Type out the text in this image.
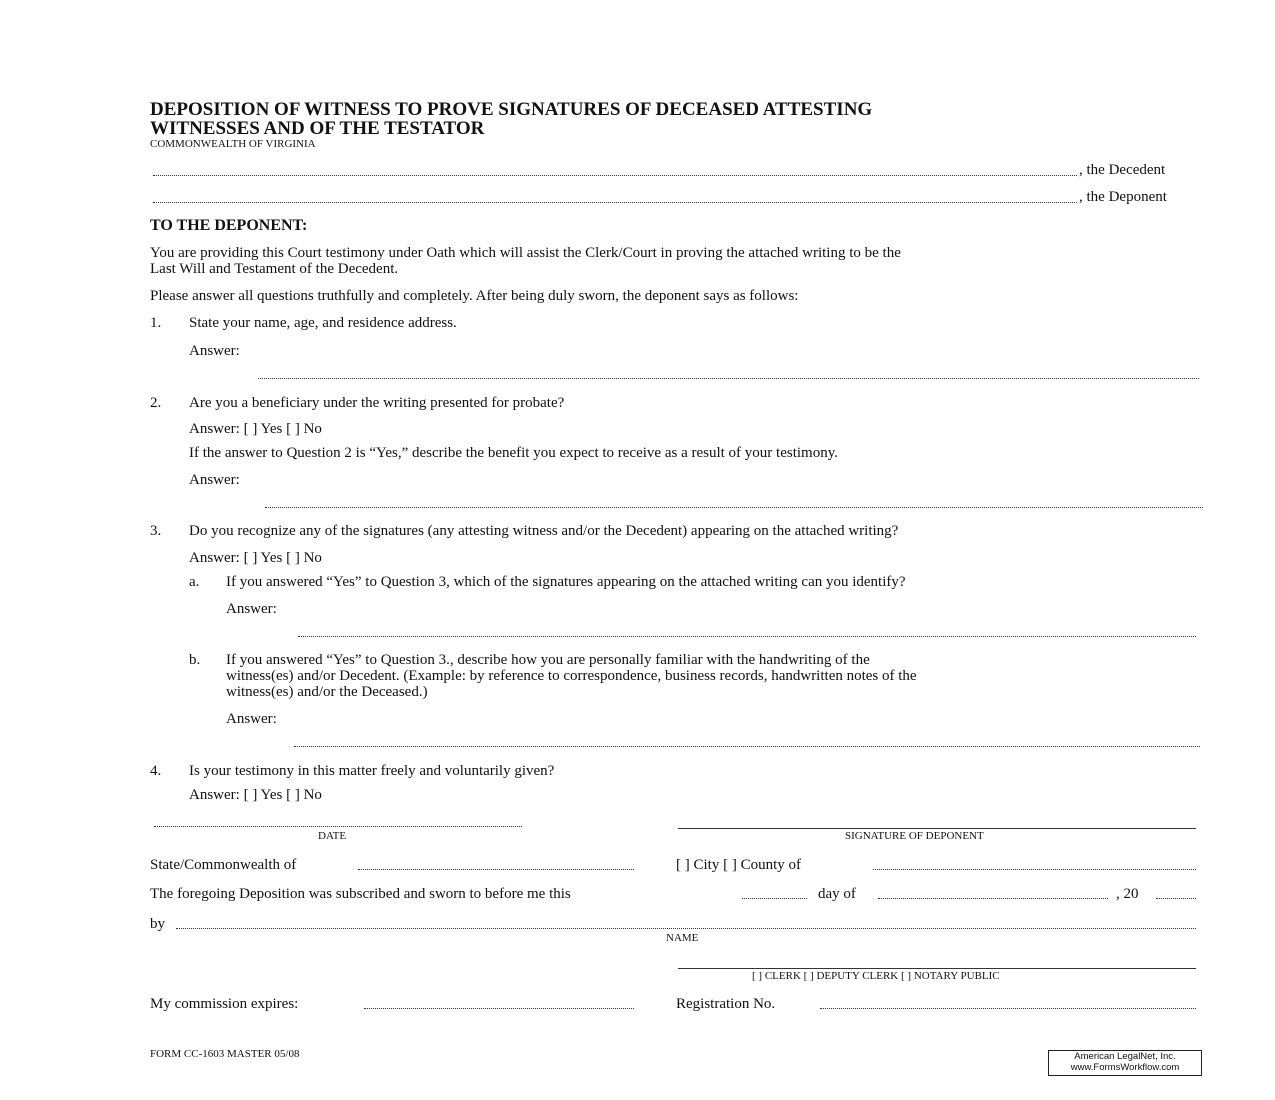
DEPOSITION OF WITNESS TO PROVE SIGNATURES OF DECEASED ATTESTING
WITNESSES AND OF THE TESTATOR
COMMONWEALTH OF VIRGINIA
, the Decedent
, the Deponent
TO THE DEPONENT:
You are providing this Court testimony under Oath which will assist the Clerk/Court in proving the attached writing to be the
Last Will and Testament of the Decedent.
Please answer all questions truthfully and completely. After being duly sworn, the deponent says as follows:
1. State your name, age, and residence address.
Answer:
2. Are you a beneficiary under the writing presented for probate?
Answer: [ ] Yes [ ] No
If the answer to Question 2 is “Yes,” describe the benefit you expect to receive as a result of your testimony.
Answer:
3. Do you recognize any of the signatures (any attesting witness and/or the Decedent) appearing on the attached writing?
Answer: [ ] Yes [ ] No
a. If you answered “Yes” to Question 3, which of the signatures appearing on the attached writing can you identify?
Answer:
b. If you answered “Yes” to Question 3., describe how you are personally familiar with the handwriting of the
witness(es) and/or Decedent. (Example: by reference to correspondence, business records, handwritten notes of the
witness(es) and/or the Deceased.)
Answer:
4. Is your testimony in this matter freely and voluntarily given?
Answer: [ ] Yes [ ] No
DATE	SIGNATURE OF DEPONENT
State/Commonwealth of	[ ] City [ ] County of
The foregoing Deposition was subscribed and sworn to before me this	day of	, 20
by
NAME
[ ] CLERK [ ] DEPUTY CLERK [ ] NOTARY PUBLIC
My commission expires:	Registration No.
FORM CC-1603 MASTER 05/08	American LegalNet, Inc.
www.FormsWorkflow.com
